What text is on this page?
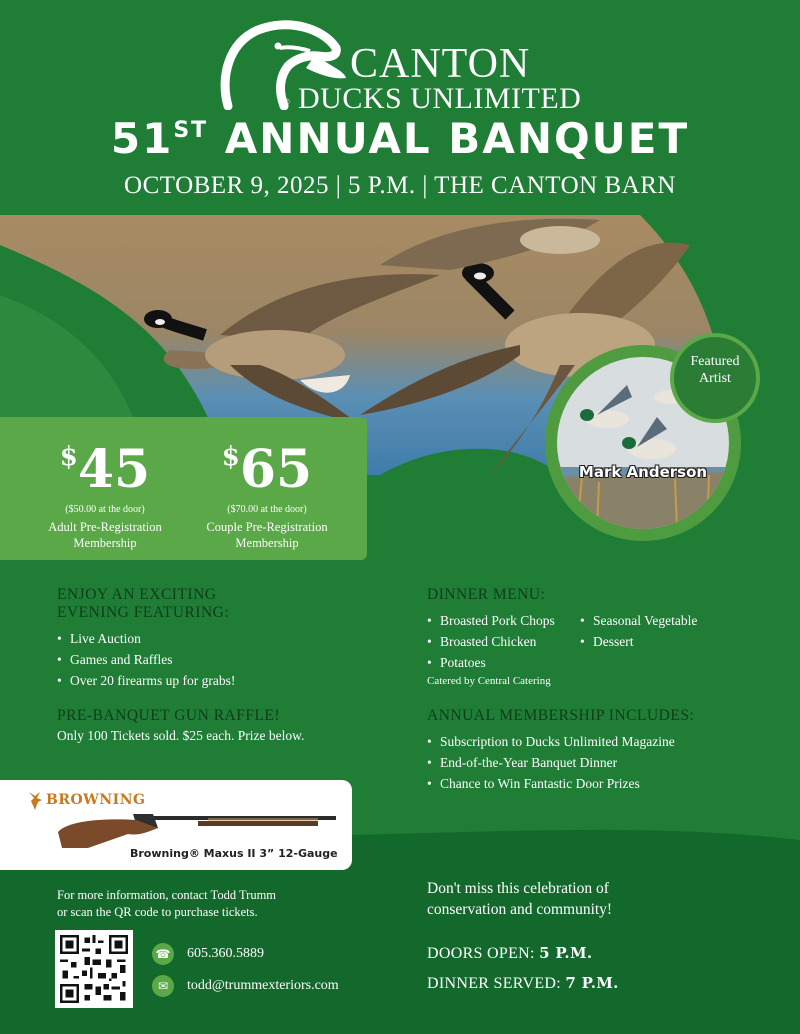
CANTON
® DUCKS UNLIMITED
51ST ANNUAL BANQUET
OCTOBER 9, 2025 | 5 P.M. | THE CANTON BARN
$45
($50.00 at the door)
Adult Pre-Registration
Membership
$65
($70.00 at the door)
Couple Pre-Registration
Membership
Mark Anderson
Featured
Artist
ENJOY AN EXCITING
EVENING FEATURING:
• Live Auction
• Games and Raffles
• Over 20 firearms up for grabs!
PRE-BANQUET GUN RAFFLE!
Only 100 Tickets sold. $25 each. Prize below.
DINNER MENU:
• Broasted Pork Chops
• Broasted Chicken
• Potatoes
• Seasonal Vegetable
• Dessert
Catered by Central Catering
ANNUAL MEMBERSHIP INCLUDES:
• Subscription to Ducks Unlimited Magazine
• End-of-the-Year Banquet Dinner
• Chance to Win Fantastic Door Prizes
BROWNING
Browning® Maxus II 3” 12-Gauge
For more information, contact Todd Trumm
or scan the QR code to purchase tickets.
☎ 605.360.5889
✉	todd@trummexteriors.com
Don't miss this celebration of
conservation and community!
DOORS OPEN: 5 P.M.
DINNER SERVED: 7 P.M.
